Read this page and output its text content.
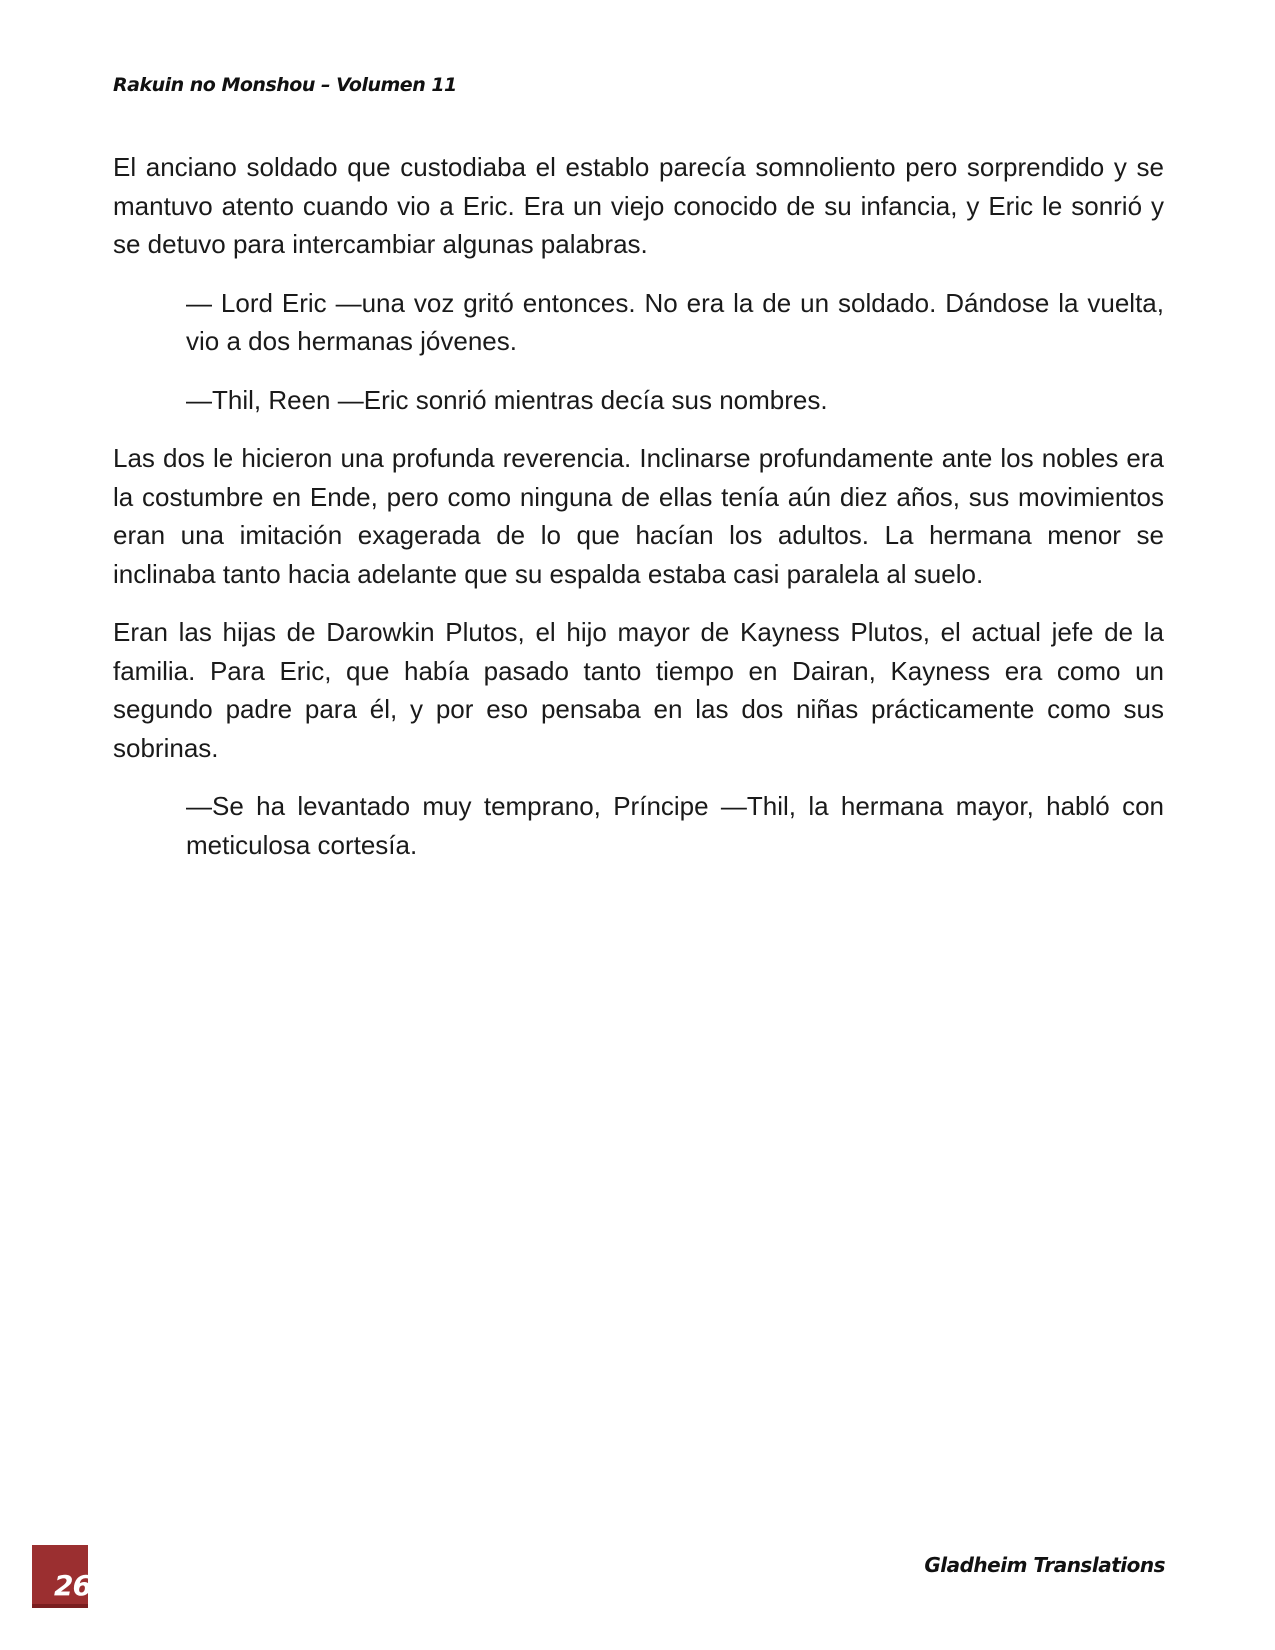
Rakuin no Monshou – Volumen 11

El anciano soldado que custodiaba el establo parecía somnoliento pero sorprendido y se mantuvo atento cuando vio a Eric. Era un viejo conocido de su infancia, y Eric le sonrió y se detuvo para intercambiar algunas palabras.

— Lord Eric —una voz gritó entonces. No era la de un soldado. Dándose la vuelta, vio a dos hermanas jóvenes.

—Thil, Reen —Eric sonrió mientras decía sus nombres.

Las dos le hicieron una profunda reverencia. Inclinarse profundamente ante los nobles era la costumbre en Ende, pero como ninguna de ellas tenía aún diez años, sus movimientos eran una imitación exagerada de lo que hacían los adultos. La hermana menor se inclinaba tanto hacia adelante que su espalda estaba casi paralela al suelo.

Eran las hijas de Darowkin Plutos, el hijo mayor de Kayness Plutos, el actual jefe de la familia. Para Eric, que había pasado tanto tiempo en Dairan, Kayness era como un segundo padre para él, y por eso pensaba en las dos niñas prácticamente como sus sobrinas.

—Se ha levantado muy temprano, Príncipe —Thil, la hermana mayor, habló con meticulosa cortesía.

26
Gladheim Translations
